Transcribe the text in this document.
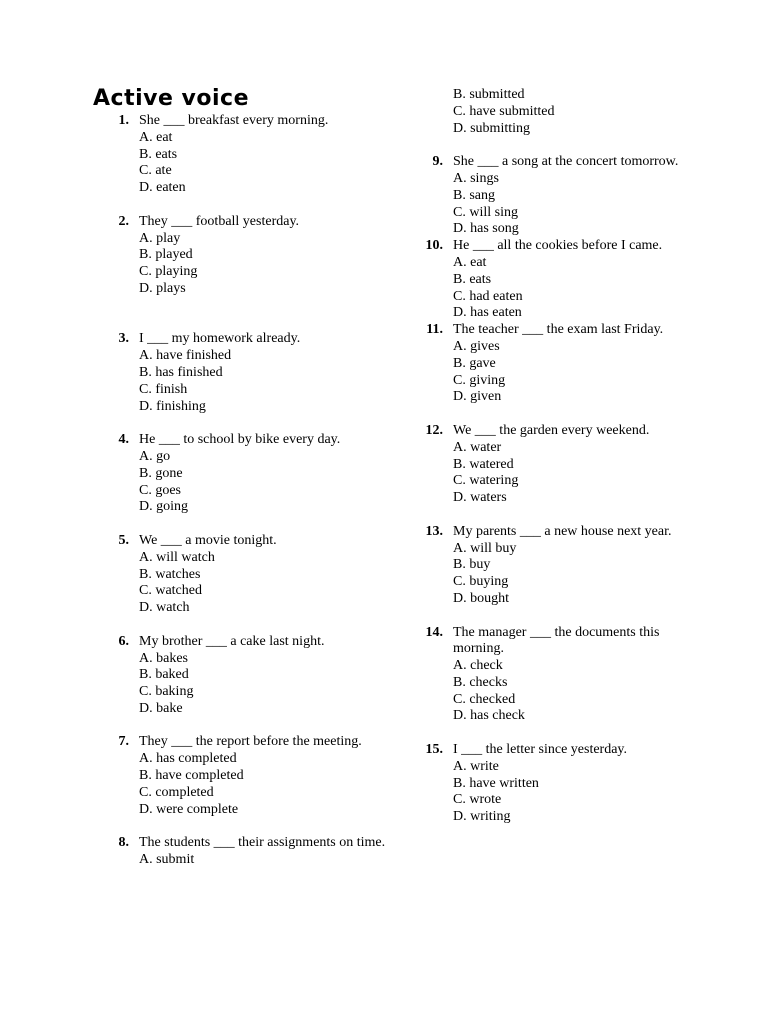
Active voice
1. She ___ breakfast every morning.
A. eat
B. eats
C. ate
D. eaten
2. They ___ football yesterday.
A. play
B. played
C. playing
D. plays
3. I ___ my homework already.
A. have finished
B. has finished
C. finish
D. finishing
4. He ___ to school by bike every day.
A. go
B. gone
C. goes
D. going
5. We ___ a movie tonight.
A. will watch
B. watches
C. watched
D. watch
6. My brother ___ a cake last night.
A. bakes
B. baked
C. baking
D. bake
7. They ___ the report before the meeting.
A. has completed
B. have completed
C. completed
D. were complete
8. The students ___ their assignments on time.
A. submit
B. submitted
C. have submitted
D. submitting
9. She ___ a song at the concert tomorrow.
A. sings
B. sang
C. will sing
D. has song
10. He ___ all the cookies before I came.
A. eat
B. eats
C. had eaten
D. has eaten
11. The teacher ___ the exam last Friday.
A. gives
B. gave
C. giving
D. given
12. We ___ the garden every weekend.
A. water
B. watered
C. watering
D. waters
13. My parents ___ a new house next year.
A. will buy
B. buy
C. buying
D. bought
14. The manager ___ the documents this morning.
A. check
B. checks
C. checked
D. has check
15. I ___ the letter since yesterday.
A. write
B. have written
C. wrote
D. writing
